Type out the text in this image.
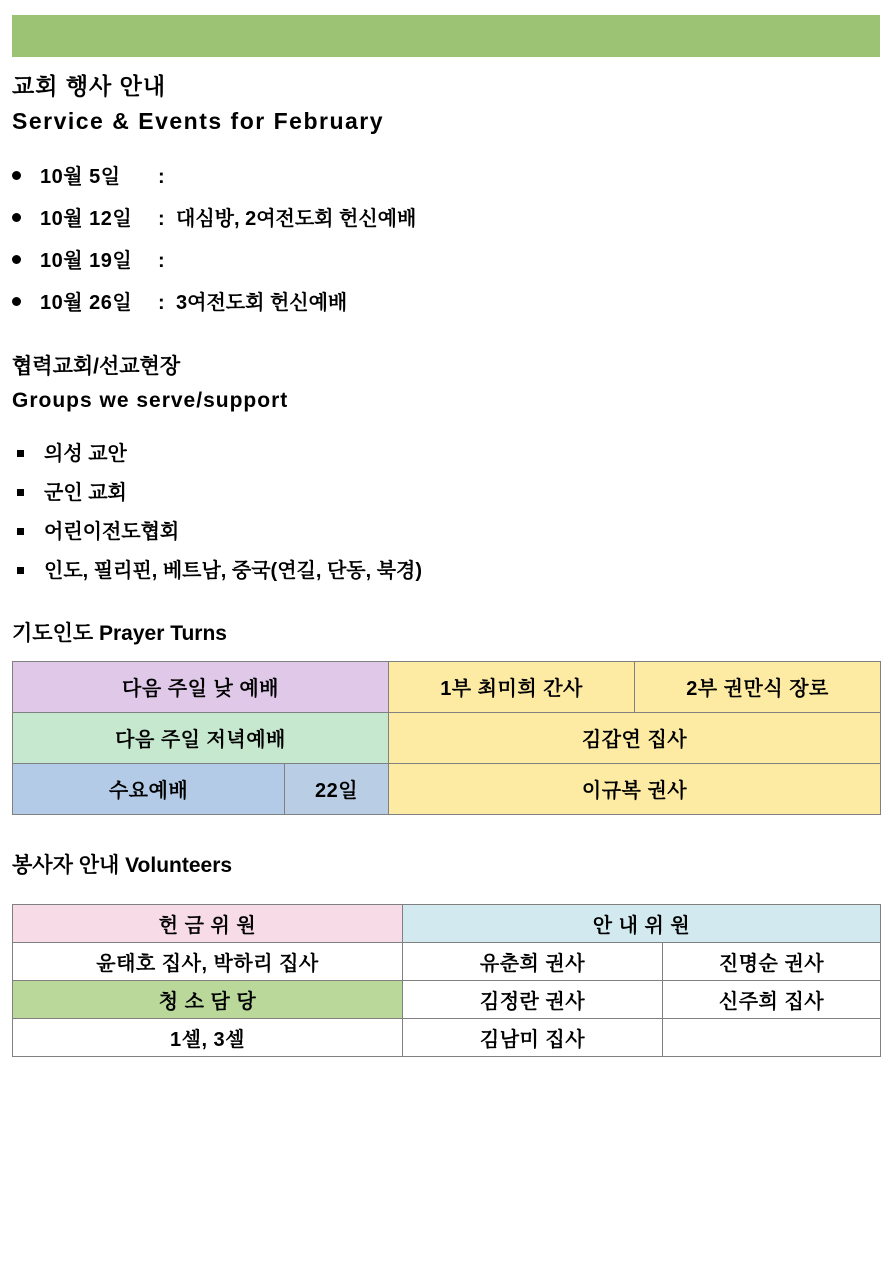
교회 행사 안내
Service & Events for February
10월 5일	:
10월 12일	: 대심방, 2여전도회 헌신예배
10월 19일	:
10월 26일	: 3여전도회 헌신예배
협력교회/선교현장
Groups we serve/support
의성 교안
군인 교회
어린이전도협회
인도, 필리핀, 베트남, 중국(연길, 단동, 북경)
기도인도 Prayer Turns
다음 주일 낮 예배		1부 최미희 간사	2부 권만식 장로
다음 주일 저녁예배		김갑연 집사	
수요예배	22일	이규복 권사	
봉사자 안내 Volunteers
헌 금 위 원	안 내 위 원	
윤태호 집사, 박하리 집사	유춘희 권사	진명순 권사
청 소 담 당	김정란 권사	신주희 집사
1셀, 3셀	김남미 집사	
